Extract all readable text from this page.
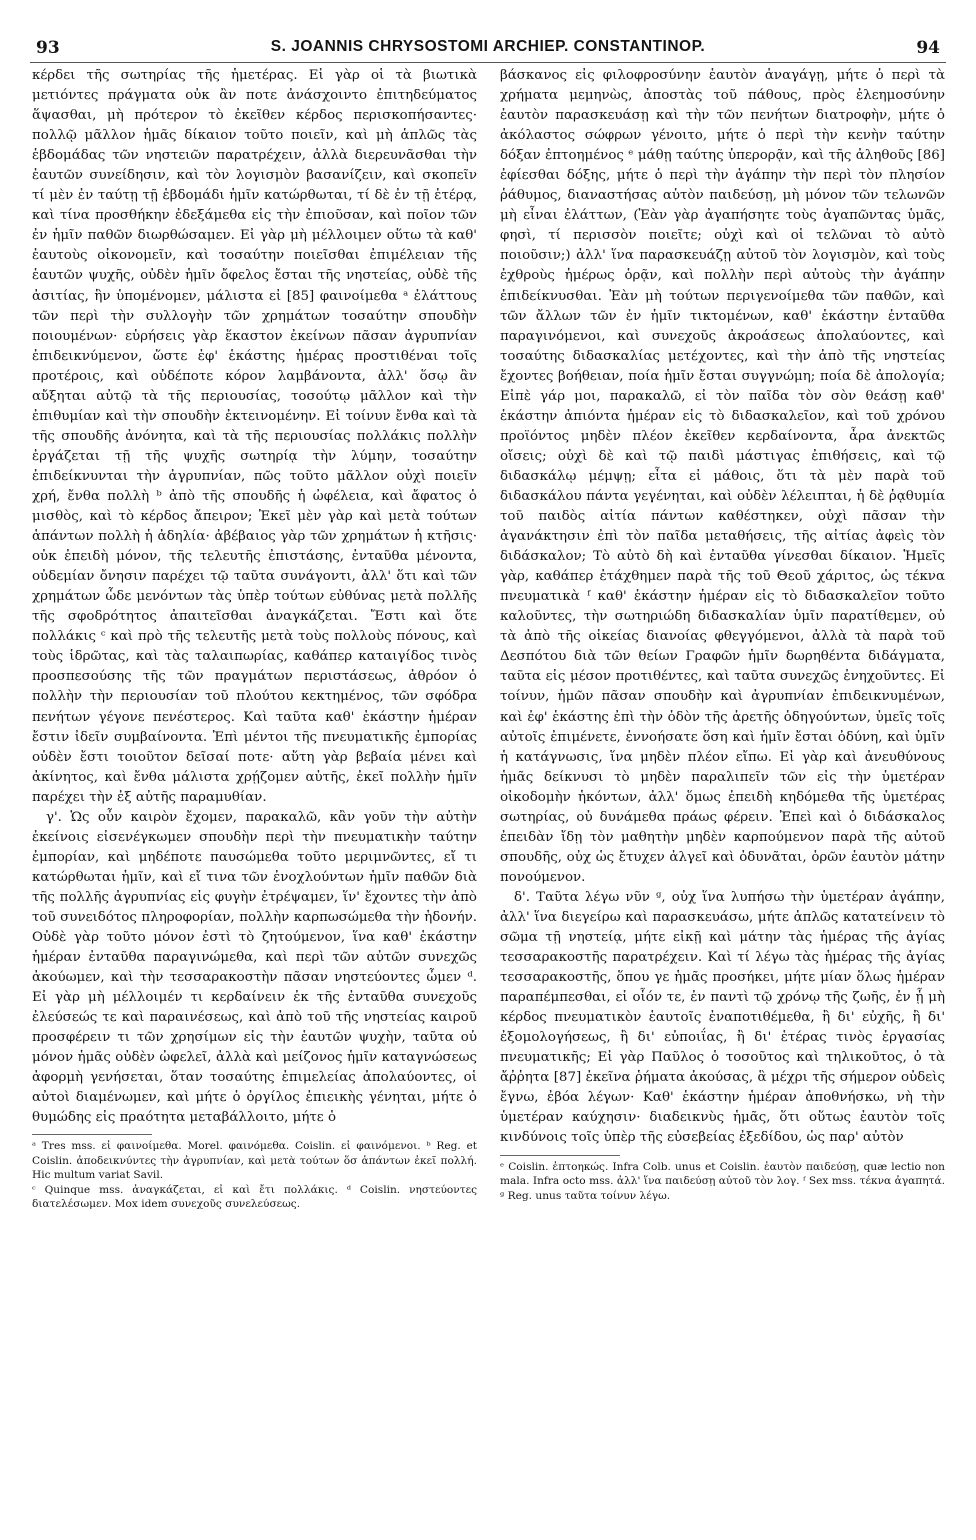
93	S. JOANNIS CHRYSOSTOMI ARCHIEP. CONSTANTINOP.	94

κέρδει τῆς σωτηρίας τῆς ἡμετέρας. Εἰ γὰρ οἱ τὰ βιωτικὰ μετιόντες πράγματα οὐκ ἂν ποτε ἀνάσχοιντο ἐπιτηδεύματος ἅψασθαι, μὴ πρότερον τὸ ἐκεῖθεν κέρδος περισκοπήσαντες· πολλῷ μᾶλλον ἡμᾶς δίκαιον τοῦτο ποιεῖν, καὶ μὴ ἁπλῶς τὰς ἑβδομάδας τῶν νηστειῶν παρατρέχειν, ἀλλὰ διερευνᾶσθαι τὴν ἑαυτῶν συνείδησιν, καὶ τὸν λογισμὸν βασανίζειν, καὶ σκοπεῖν τί μὲν ἐν ταύτῃ τῇ ἑβδομάδι ἡμῖν κατώρθωται, τί δὲ ἐν τῇ ἑτέρᾳ, καὶ τίνα προσθήκην ἐδεξάμεθα εἰς τὴν ἐπιοῦσαν, καὶ ποῖον τῶν ἐν ἡμῖν παθῶν διωρθώσαμεν. Εἰ γὰρ μὴ μέλλοιμεν οὕτω τὰ καθ' ἑαυτοὺς οἰκονομεῖν, καὶ τοσαύτην ποιεῖσθαι ἐπιμέλειαν τῆς ἑαυτῶν ψυχῆς, οὐδὲν ἡμῖν ὄφελος ἔσται τῆς νηστείας, οὐδὲ τῆς ἀσιτίας, ἣν ὑπομένομεν, μάλιστα εἰ [85] φαινοίμεθα ᵃ ἐλάττους τῶν περὶ τὴν συλλογὴν τῶν χρημάτων τοσαύτην σπουδὴν ποιουμένων· εὑρήσεις γὰρ ἕκαστον ἐκείνων πᾶσαν ἀγρυπνίαν ἐπιδεικνύμενον, ὥστε ἐφ' ἑκάστης ἡμέρας προστιθέναι τοῖς προτέροις, καὶ οὐδέποτε κόρον λαμβάνοντα, ἀλλ' ὅσῳ ἂν αὔξηται αὐτῷ τὰ τῆς περιουσίας, τοσούτῳ μᾶλλον καὶ τὴν ἐπιθυμίαν καὶ τὴν σπουδὴν ἐκτεινομένην. Εἰ τοίνυν ἔνθα καὶ τὰ τῆς σπουδῆς ἀνόνητα, καὶ τὰ τῆς περιουσίας πολλάκις πολλὴν ἐργάζεται τῇ τῆς ψυχῆς σωτηρίᾳ τὴν λύμην, τοσαύτην ἐπιδείκνυνται τὴν ἀγρυπνίαν, πῶς τοῦτο μᾶλλον οὐχὶ ποιεῖν χρή, ἔνθα πολλὴ ᵇ ἀπὸ τῆς σπουδῆς ἡ ὠφέλεια, καὶ ἄφατος ὁ μισθὸς, καὶ τὸ κέρδος ἄπειρον; Ἐκεῖ μὲν γὰρ καὶ μετὰ τούτων ἁπάντων πολλὴ ἡ ἀδηλία· ἀβέβαιος γὰρ τῶν χρημάτων ἡ κτῆσις· οὐκ ἐπειδὴ μόνον, τῆς τελευτῆς ἐπιστάσης, ἐνταῦθα μένοντα, οὐδεμίαν ὄνησιν παρέχει τῷ ταῦτα συνάγοντι, ἀλλ' ὅτι καὶ τῶν χρημάτων ὧδε μενόντων τὰς ὑπὲρ τούτων εὐθύνας μετὰ πολλῆς τῆς σφοδρότητος ἀπαιτεῖσθαι ἀναγκάζεται. Ἔστι καὶ ὅτε πολλάκις ᶜ καὶ πρὸ τῆς τελευτῆς μετὰ τοὺς πολλοὺς πόνους, καὶ τοὺς ἱδρῶτας, καὶ τὰς ταλαιπωρίας, καθάπερ καταιγίδος τινὸς προσπεσούσης τῆς τῶν πραγμάτων περιστάσεως, ἀθρόον ὁ πολλὴν τὴν περιουσίαν τοῦ πλούτου κεκτημένος, τῶν σφόδρα πενήτων γέγονε πενέστερος. Καὶ ταῦτα καθ' ἑκάστην ἡμέραν ἔστιν ἰδεῖν συμβαίνοντα. Ἐπὶ μέντοι τῆς πνευματικῆς ἐμπορίας οὐδὲν ἔστι τοιοῦτον δεῖσαί ποτε· αὕτη γὰρ βεβαία μένει καὶ ἀκίνητος, καὶ ἔνθα μάλιστα χρῄζομεν αὐτῆς, ἐκεῖ πολλὴν ἡμῖν παρέχει τὴν ἐξ αὐτῆς παραμυθίαν.

γ'. Ὡς οὖν καιρὸν ἔχομεν, παρακαλῶ, κἂν γοῦν τὴν αὐτὴν ἐκείνοις εἰσενέγκωμεν σπουδὴν περὶ τὴν πνευματικὴν ταύτην ἐμπορίαν, καὶ μηδέποτε παυσώμεθα τοῦτο μεριμνῶντες, εἴ τι κατώρθωται ἡμῖν, καὶ εἴ τινα τῶν ἐνοχλούντων ἡμῖν παθῶν διὰ τῆς πολλῆς ἀγρυπνίας εἰς φυγὴν ἐτρέψαμεν, ἵν' ἔχοντες τὴν ἀπὸ τοῦ συνειδότος πληροφορίαν, πολλὴν καρπωσώμεθα τὴν ἡδονήν. Οὐδὲ γὰρ τοῦτο μόνον ἐστὶ τὸ ζητούμενον, ἵνα καθ' ἑκάστην ἡμέραν ἐνταῦθα παραγινώμεθα, καὶ περὶ τῶν αὐτῶν συνεχῶς ἀκούωμεν, καὶ τὴν τεσσαρακοστὴν πᾶσαν νηστεύοντες ὦμεν ᵈ. Εἰ γὰρ μὴ μέλλοιμέν τι κερδαίνειν ἐκ τῆς ἐνταῦθα συνεχοῦς ἐλεύσεώς τε καὶ παραινέσεως, καὶ ἀπὸ τοῦ τῆς νηστείας καιροῦ προσφέρειν τι τῶν χρησίμων εἰς τὴν ἑαυτῶν ψυχὴν, ταῦτα οὐ μόνον ἡμᾶς οὐδὲν ὠφελεῖ, ἀλλὰ καὶ μείζονος ἡμῖν καταγνώσεως ἀφορμὴ γενήσεται, ὅταν τοσαύτης ἐπιμελείας ἀπολαύοντες, οἱ αὐτοὶ διαμένωμεν, καὶ μήτε ὁ ὀργίλος ἐπιεικὴς γένηται, μήτε ὁ θυμώδης εἰς πραότητα μεταβάλλοιτο, μήτε ὁ

ᵃ Tres mss. εἰ φαινοίμεθα. Morel. φαινόμεθα. Coislin. εἰ φαινόμενοι. ᵇ Reg. et Coislin. ἀποδεικνύντες τὴν ἀγρυπνίαν, καὶ μετὰ τούτων ὅσ ἁπάντων ἐκεῖ πολλή. Hic multum variat Savil.

ᶜ Quinque mss. ἀναγκάζεται, εἰ καὶ ἔτι πολλάκις. ᵈ Coislin. νηστεύοντες διατελέσωμεν. Mox idem συνεχοῦς συνελεύσεως.

βάσκανος εἰς φιλοφροσύνην ἑαυτὸν ἀναγάγῃ, μήτε ὁ περὶ τὰ χρήματα μεμηνὼς, ἀποστὰς τοῦ πάθους, πρὸς ἐλεημοσύνην ἑαυτὸν παρασκευάσῃ καὶ τὴν τῶν πενήτων διατροφὴν, μήτε ὁ ἀκόλαστος σώφρων γένοιτο, μήτε ὁ περὶ τὴν κενὴν ταύτην δόξαν ἐπτοημένος ᵉ μάθῃ ταύτης ὑπερορᾷν, καὶ τῆς ἀληθοῦς [86] ἐφίεσθαι δόξης, μήτε ὁ περὶ τὴν ἀγάπην τὴν περὶ τὸν πλησίον ῥάθυμος, διαναστήσας αὑτὸν παιδεύσῃ, μὴ μόνον τῶν τελωνῶν μὴ εἶναι ἐλάττων, (Ἐὰν γὰρ ἀγαπήσητε τοὺς ἀγαπῶντας ὑμᾶς, φησὶ, τί περισσὸν ποιεῖτε; οὐχὶ καὶ οἱ τελῶναι τὸ αὐτὸ ποιοῦσιν;) ἀλλ' ἵνα παρασκευάζῃ αὐτοῦ τὸν λογισμὸν, καὶ τοὺς ἐχθροὺς ἡμέρως ὁρᾷν, καὶ πολλὴν περὶ αὐτοὺς τὴν ἀγάπην ἐπιδείκνυσθαι. Ἐὰν μὴ τούτων περιγενοίμεθα τῶν παθῶν, καὶ τῶν ἄλλων τῶν ἐν ἡμῖν τικτομένων, καθ' ἑκάστην ἐνταῦθα παραγινόμενοι, καὶ συνεχοῦς ἀκροάσεως ἀπολαύοντες, καὶ τοσαύτης διδασκαλίας μετέχοντες, καὶ τὴν ἀπὸ τῆς νηστείας ἔχοντες βοήθειαν, ποία ἡμῖν ἔσται συγγνώμη; ποία δὲ ἀπολογία; Εἰπὲ γάρ μοι, παρακαλῶ, εἰ τὸν παῖδα τὸν σὸν θεάσῃ καθ' ἑκάστην ἀπιόντα ἡμέραν εἰς τὸ διδασκαλεῖον, καὶ τοῦ χρόνου προϊόντος μηδὲν πλέον ἐκεῖθεν κερδαίνοντα, ἆρα ἀνεκτῶς οἴσεις; οὐχὶ δὲ καὶ τῷ παιδὶ μάστιγας ἐπιθήσεις, καὶ τῷ διδασκάλῳ μέμψῃ; εἶτα εἰ μάθοις, ὅτι τὰ μὲν παρὰ τοῦ διδασκάλου πάντα γεγένηται, καὶ οὐδὲν λέλειπται, ἡ δὲ ῥᾳθυμία τοῦ παιδὸς αἰτία πάντων καθέστηκεν, οὐχὶ πᾶσαν τὴν ἀγανάκτησιν ἐπὶ τὸν παῖδα μεταθήσεις, τῆς αἰτίας ἀφεὶς τὸν διδάσκαλον; Τὸ αὐτὸ δὴ καὶ ἐνταῦθα γίνεσθαι δίκαιον. Ἡμεῖς γὰρ, καθάπερ ἐτάχθημεν παρὰ τῆς τοῦ Θεοῦ χάριτος, ὡς τέκνα πνευματικὰ ᶠ καθ' ἑκάστην ἡμέραν εἰς τὸ διδασκαλεῖον τοῦτο καλοῦντες, τὴν σωτηριώδη διδασκαλίαν ὑμῖν παρατίθεμεν, οὐ τὰ ἀπὸ τῆς οἰκείας διανοίας φθεγγόμενοι, ἀλλὰ τὰ παρὰ τοῦ Δεσπότου διὰ τῶν θείων Γραφῶν ἡμῖν δωρηθέντα διδάγματα, ταῦτα εἰς μέσον προτιθέντες, καὶ ταῦτα συνεχῶς ἐνηχοῦντες. Εἰ τοίνυν, ἡμῶν πᾶσαν σπουδὴν καὶ ἀγρυπνίαν ἐπιδεικνυμένων, καὶ ἐφ' ἑκάστης ἐπὶ τὴν ὁδὸν τῆς ἀρετῆς ὁδηγούντων, ὑμεῖς τοῖς αὐτοῖς ἐπιμένετε, ἐννοήσατε ὅση καὶ ἡμῖν ἔσται ὀδύνη, καὶ ὑμῖν ἡ κατάγνωσις, ἵνα μηδὲν πλέον εἴπω. Εἰ γὰρ καὶ ἀνευθύνους ἡμᾶς δείκνυσι τὸ μηδὲν παραλιπεῖν τῶν εἰς τὴν ὑμετέραν οἰκοδομὴν ἡκόντων, ἀλλ' ὅμως ἐπειδὴ κηδόμεθα τῆς ὑμετέρας σωτηρίας, οὐ δυνάμεθα πράως φέρειν. Ἐπεὶ καὶ ὁ διδάσκαλος ἐπειδὰν ἴδῃ τὸν μαθητὴν μηδὲν καρπούμενον παρὰ τῆς αὐτοῦ σπουδῆς, οὐχ ὡς ἔτυχεν ἀλγεῖ καὶ ὀδυνᾶται, ὁρῶν ἑαυτὸν μάτην πονούμενον.

δ'. Ταῦτα λέγω νῦν ᵍ, οὐχ ἵνα λυπήσω τὴν ὑμετέραν ἀγάπην, ἀλλ' ἵνα διεγείρω καὶ παρασκευάσω, μήτε ἁπλῶς κατατείνειν τὸ σῶμα τῇ νηστείᾳ, μήτε εἰκῇ καὶ μάτην τὰς ἡμέρας τῆς ἁγίας τεσσαρακοστῆς παρατρέχειν. Καὶ τί λέγω τὰς ἡμέρας τῆς ἁγίας τεσσαρακοστῆς, ὅπου γε ἡμᾶς προσήκει, μήτε μίαν ὅλως ἡμέραν παραπέμπεσθαι, εἰ οἷόν τε, ἐν παντὶ τῷ χρόνῳ τῆς ζωῆς, ἐν ᾗ μὴ κέρδος πνευματικὸν ἑαυτοῖς ἐναποτιθέμεθα, ἢ δι' εὐχῆς, ἢ δι' ἐξομολογήσεως, ἢ δι' εὐποιΐας, ἢ δι' ἑτέρας τινὸς ἐργασίας πνευματικῆς; Εἰ γὰρ Παῦλος ὁ τοσοῦτος καὶ τηλικοῦτος, ὁ τὰ ἄῤῥητα [87] ἐκεῖνα ῥήματα ἀκούσας, ἃ μέχρι τῆς σήμερον οὐδεὶς ἔγνω, ἐβόα λέγων· Καθ' ἑκάστην ἡμέραν ἀποθνήσκω, νὴ τὴν ὑμετέραν καύχησιν· διαδεικνὺς ἡμᾶς, ὅτι οὕτως ἑαυτὸν τοῖς κινδύνοις τοῖς ὑπὲρ τῆς εὐσεβείας ἐξεδίδου, ὡς παρ' αὐτὸν

ᵉ Coislin. ἐπτοηκώς. Infra Colb. unus et Coislin. ἑαυτὸν παιδεύσῃ, quæ lectio non mala. Infra octo mss. ἀλλ' ἵνα παιδεύσῃ αὐτοῦ τὸν λογ. ᶠ Sex mss. τέκνα ἀγαπητά. ᵍ Reg. unus ταῦτα τοίνυν λέγω.
